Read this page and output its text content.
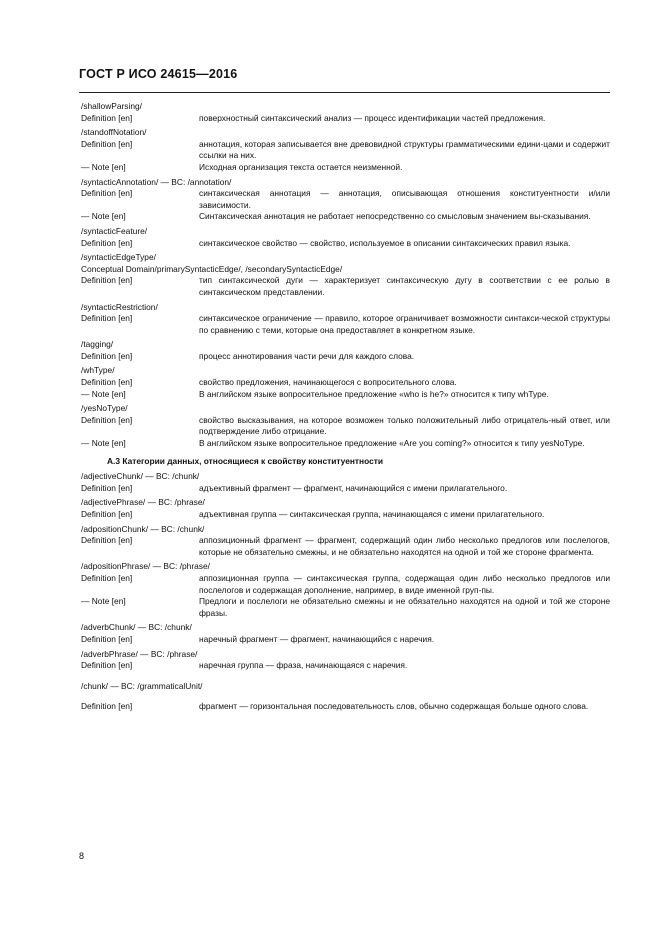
ГОСТ Р ИСО 24615—2016
/shallowParsing/
Definition [en]	поверхностный синтаксический анализ — процесс идентификации частей предложения.
/standoffNotation/
Definition [en]	аннотация, которая записывается вне древовидной структуры грамматическими едини-цами и содержит ссылки на них.
— Note [en]	Исходная организация текста остается неизменной.
/syntacticAnnotation/ — BC: /annotation/
Definition [en]	синтаксическая аннотация — аннотация, описывающая отношения конституентности и/или зависимости.
— Note [en]	Синтаксическая аннотация не работает непосредственно со смысловым значением вы-сказывания.
/syntacticFeature/
Definition [en]	синтаксическое свойство — свойство, используемое в описании синтаксических правил языка.
/syntacticEdgeType/
Conceptual Domain/primarySyntacticEdge/, /secondarySyntacticEdge/
Definition [en]	тип синтаксической дуги — характеризует синтаксическую дугу в соответствии с ее ролью в синтаксическом представлении.
/syntacticRestriction/
Definition [en]	синтаксическое ограничение — правило, которое ограничивает возможности синтакси-ческой структуры по сравнению с теми, которые она предоставляет в конкретном языке.
/tagging/
Definition [en]	процесс аннотирования части речи для каждого слова.
/whType/
Definition [en]	свойство предложения, начинающегося с вопросительного слова.
— Note [en]	В английском языке вопросительное предложение «who is he?» относится к типу whType.
/yesNoType/
Definition [en]	свойство высказывания, на которое возможен только положительный либо отрицатель-ный ответ, или подтверждение либо отрицание.
— Note [en]	В английском языке вопросительное предложение «Are you coming?» относится к типу yesNoType.
A.3 Категории данных, относящиеся к свойству конституентности
/adjectiveChunk/ — BC: /chunk/
Definition [en]	адъективный фрагмент — фрагмент, начинающийся с имени прилагательного.
/adjectivePhrase/ — BC: /phrase/
Definition [en]	адъективная группа — синтаксическая группа, начинающаяся с имени прилагательного.
/adpositionChunk/ — BC: /chunk/
Definition [en]	аппозиционный фрагмент — фрагмент, содержащий один либо несколько предлогов или послелогов, которые не обязательно смежны, и не обязательно находятся на одной и той же стороне фрагмента.
/adpositionPhrase/ — BC: /phrase/
Definition [en]	аппозиционная группа — синтаксическая группа, содержащая один либо несколько предлогов или послелогов и содержащая дополнение, например, в виде именной груп-пы.
— Note [en]	Предлоги и послелоги не обязательно смежны и не обязательно находятся на одной и той же стороне фразы.
/adverbChunk/ — BC: /chunk/
Definition [en]	наречный фрагмент — фрагмент, начинающийся с наречия.
/adverbPhrase/ — BC: /phrase/
Definition [en]	наречная группа — фраза, начинающаяся с наречия.
/chunk/ — BC: /grammaticalUnit/
Definition [en]	фрагмент — горизонтальная последовательность слов, обычно содержащая больше одного слова.
8
